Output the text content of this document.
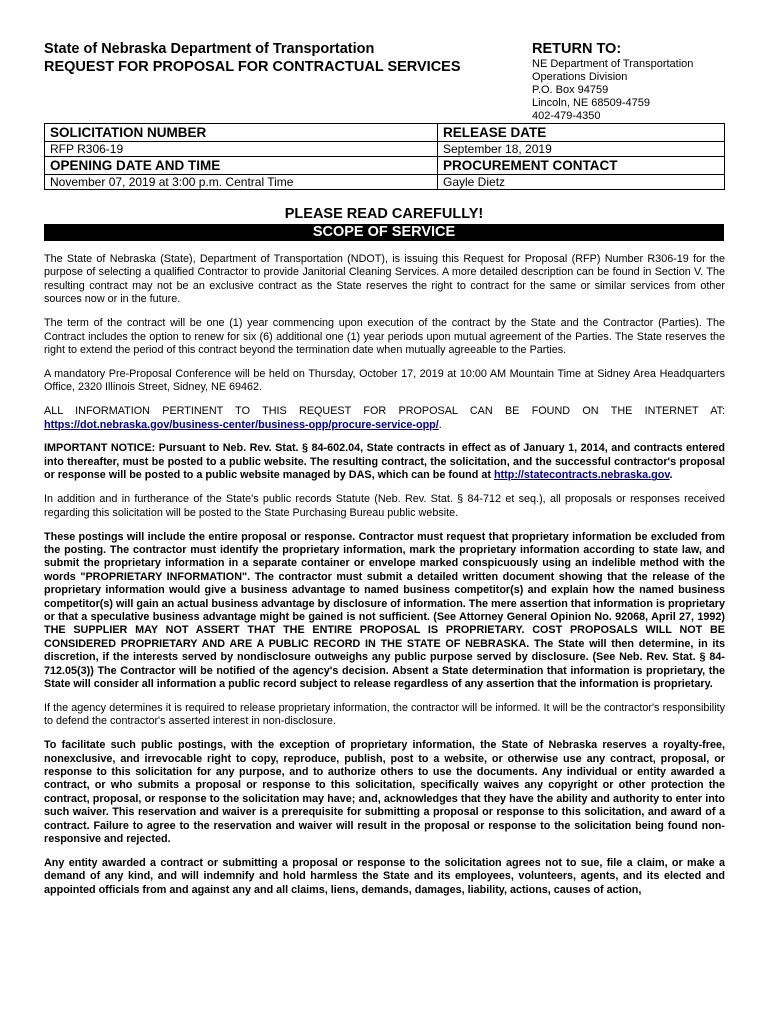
State of Nebraska Department of Transportation
REQUEST FOR PROPOSAL FOR CONTRACTUAL SERVICES
RETURN TO:
NE Department of Transportation
Operations Division
P.O. Box 94759
Lincoln, NE 68509-4759
402-479-4350
SOLICITATION NUMBER	RELEASE DATE
RFP R306-19	September 18, 2019
OPENING DATE AND TIME	PROCUREMENT CONTACT
November 07, 2019 at 3:00 p.m. Central Time	Gayle Dietz
PLEASE READ CAREFULLY!
SCOPE OF SERVICE

The State of Nebraska (State), Department of Transportation (NDOT), is issuing this Request for Proposal (RFP) Number R306-19 for the purpose of selecting a qualified Contractor to provide Janitorial Cleaning Services. A more detailed description can be found in Section V. The resulting contract may not be an exclusive contract as the State reserves the right to contract for the same or similar services from other sources now or in the future.

The term of the contract will be one (1) year commencing upon execution of the contract by the State and the Contractor (Parties). The Contract includes the option to renew for six (6) additional one (1) year periods upon mutual agreement of the Parties. The State reserves the right to extend the period of this contract beyond the termination date when mutually agreeable to the Parties.

A mandatory Pre-Proposal Conference will be held on Thursday, October 17, 2019 at 10:00 AM Mountain Time at Sidney Area Headquarters Office, 2320 Illinois Street, Sidney, NE 69462.

ALL INFORMATION PERTINENT TO THIS REQUEST FOR PROPOSAL CAN BE FOUND ON THE INTERNET AT: https://dot.nebraska.gov/business-center/business-opp/procure-service-opp/.

IMPORTANT NOTICE: Pursuant to Neb. Rev. Stat. § 84-602.04, State contracts in effect as of January 1, 2014, and contracts entered into thereafter, must be posted to a public website. The resulting contract, the solicitation, and the successful contractor's proposal or response will be posted to a public website managed by DAS, which can be found at http://statecontracts.nebraska.gov.

In addition and in furtherance of the State's public records Statute (Neb. Rev. Stat. § 84-712 et seq.), all proposals or responses received regarding this solicitation will be posted to the State Purchasing Bureau public website.

These postings will include the entire proposal or response. Contractor must request that proprietary information be excluded from the posting. The contractor must identify the proprietary information, mark the proprietary information according to state law, and submit the proprietary information in a separate container or envelope marked conspicuously using an indelible method with the words "PROPRIETARY INFORMATION". The contractor must submit a detailed written document showing that the release of the proprietary information would give a business advantage to named business competitor(s) and explain how the named business competitor(s) will gain an actual business advantage by disclosure of information. The mere assertion that information is proprietary or that a speculative business advantage might be gained is not sufficient. (See Attorney General Opinion No. 92068, April 27, 1992) THE SUPPLIER MAY NOT ASSERT THAT THE ENTIRE PROPOSAL IS PROPRIETARY. COST PROPOSALS WILL NOT BE CONSIDERED PROPRIETARY AND ARE A PUBLIC RECORD IN THE STATE OF NEBRASKA. The State will then determine, in its discretion, if the interests served by nondisclosure outweighs any public purpose served by disclosure. (See Neb. Rev. Stat. § 84-712.05(3)) The Contractor will be notified of the agency's decision. Absent a State determination that information is proprietary, the State will consider all information a public record subject to release regardless of any assertion that the information is proprietary.

If the agency determines it is required to release proprietary information, the contractor will be informed. It will be the contractor's responsibility to defend the contractor's asserted interest in non-disclosure.

To facilitate such public postings, with the exception of proprietary information, the State of Nebraska reserves a royalty-free, nonexclusive, and irrevocable right to copy, reproduce, publish, post to a website, or otherwise use any contract, proposal, or response to this solicitation for any purpose, and to authorize others to use the documents. Any individual or entity awarded a contract, or who submits a proposal or response to this solicitation, specifically waives any copyright or other protection the contract, proposal, or response to the solicitation may have; and, acknowledges that they have the ability and authority to enter into such waiver. This reservation and waiver is a prerequisite for submitting a proposal or response to this solicitation, and award of a contract. Failure to agree to the reservation and waiver will result in the proposal or response to the solicitation being found non-responsive and rejected.

Any entity awarded a contract or submitting a proposal or response to the solicitation agrees not to sue, file a claim, or make a demand of any kind, and will indemnify and hold harmless the State and its employees, volunteers, agents, and its elected and appointed officials from and against any and all claims, liens, demands, damages, liability, actions, causes of action,
